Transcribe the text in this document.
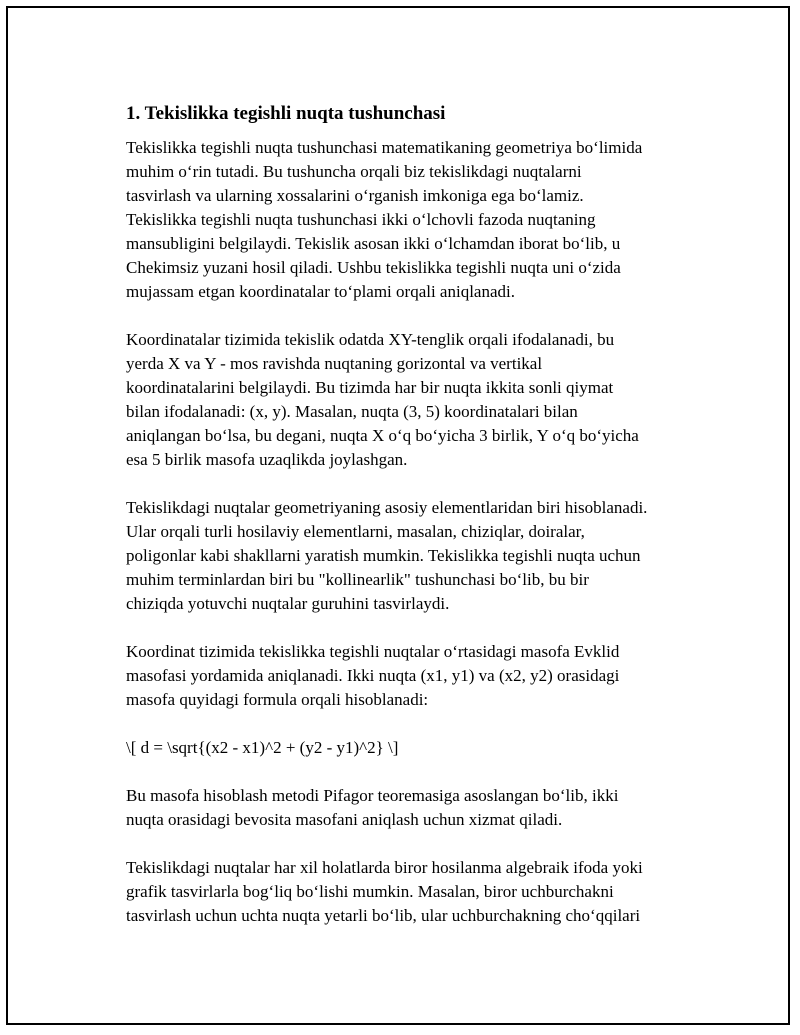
1. Tekislikka tegishli nuqta tushunchasi

Tekislikka tegishli nuqta tushunchasi matematikaning geometriya bo‘limida
muhim o‘rin tutadi. Bu tushuncha orqali biz tekislikdagi nuqtalarni
tasvirlash va ularning xossalarini o‘rganish imkoniga ega bo‘lamiz.
Tekislikka tegishli nuqta tushunchasi ikki o‘lchovli fazoda nuqtaning
mansubligini belgilaydi. Tekislik asosan ikki o‘lchamdan iborat bo‘lib, u
Chekimsiz yuzani hosil qiladi. Ushbu tekislikka tegishli nuqta uni o‘zida
mujassam etgan koordinatalar to‘plami orqali aniqlanadi.

Koordinatalar tizimida tekislik odatda XY-tenglik orqali ifodalanadi, bu
yerda X va Y - mos ravishda nuqtaning gorizontal va vertikal
koordinatalarini belgilaydi. Bu tizimda har bir nuqta ikkita sonli qiymat
bilan ifodalanadi: (x, y). Masalan, nuqta (3, 5) koordinatalari bilan
aniqlangan bo‘lsa, bu degani, nuqta X o‘q bo‘yicha 3 birlik, Y o‘q bo‘yicha
esa 5 birlik masofa uzaqlikda joylashgan.

Tekislikdagi nuqtalar geometriyaning asosiy elementlaridan biri hisoblanadi.
Ular orqali turli hosilaviy elementlarni, masalan, chiziqlar, doiralar,
poligonlar kabi shakllarni yaratish mumkin. Tekislikka tegishli nuqta uchun
muhim terminlardan biri bu "kollinearlik" tushunchasi bo‘lib, bu bir
chiziqda yotuvchi nuqtalar guruhini tasvirlaydi.

Koordinat tizimida tekislikka tegishli nuqtalar o‘rtasidagi masofa Evklid
masofasi yordamida aniqlanadi. Ikki nuqta (x1, y1) va (x2, y2) orasidagi
masofa quyidagi formula orqali hisoblanadi:

\[ d = \sqrt{(x2 - x1)^2 + (y2 - y1)^2} \]

Bu masofa hisoblash metodi Pifagor teoremasiga asoslangan bo‘lib, ikki
nuqta orasidagi bevosita masofani aniqlash uchun xizmat qiladi.

Tekislikdagi nuqtalar har xil holatlarda biror hosilanma algebraik ifoda yoki
grafik tasvirlarla bog‘liq bo‘lishi mumkin. Masalan, biror uchburchakni
tasvirlash uchun uchta nuqta yetarli bo‘lib, ular uchburchakning cho‘qqilari
